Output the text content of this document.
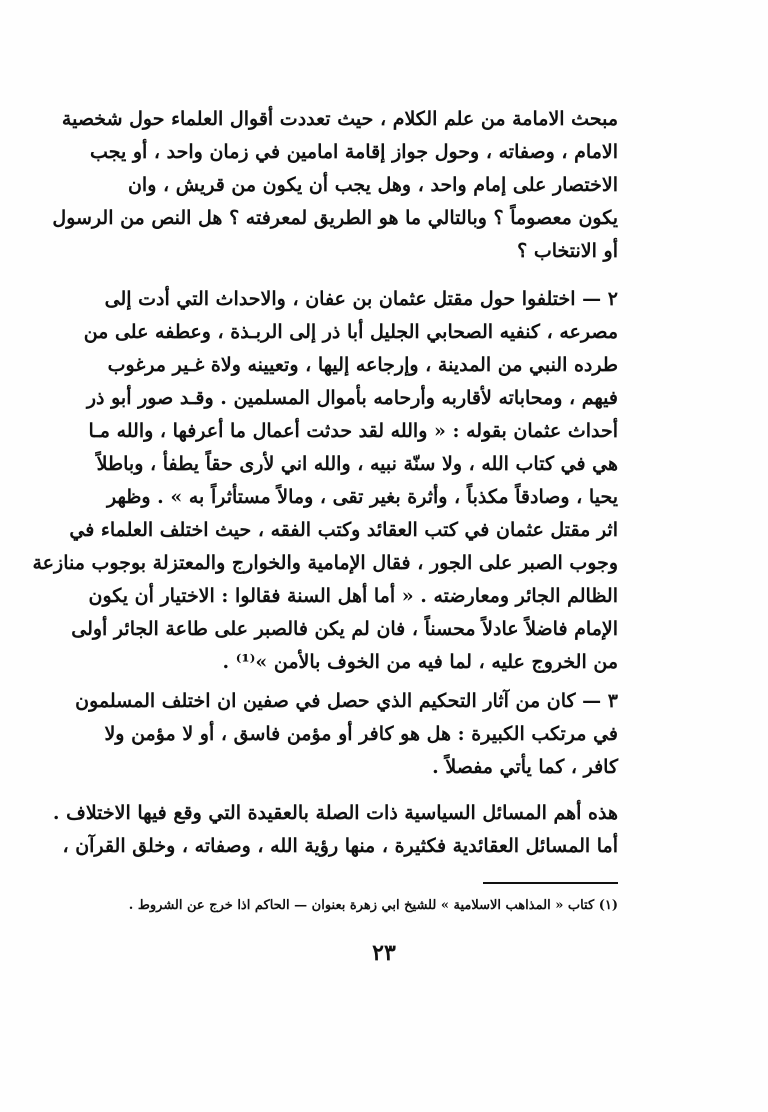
مبحث الامامة من علم الكلام ، حيث تعددت أقوال العلماء حول شخصية
الامام ، وصفاته ، وحول جواز إقامة امامين في زمان واحد ، أو يجب
الاختصار على إمام واحد ، وهل يجب أن يكون من قريش ، وان
يكون معصوماً ؟ وبالتالي ما هو الطريق لمعرفته ؟ هل النص من الرسول
أو الانتخاب ؟
٢ — اختلفوا حول مقتل عثمان بن عفان ، والاحداث التي أدت إلى
مصرعه ، كنفيه الصحابي الجليل أبا ذر إلى الربـذة ، وعطفه على من
طرده النبي من المدينة ، وإرجاعه إليها ، وتعيينه ولاة غـير مرغوب
فيهم ، ومحاباته لأقاربه وأرحامه بأموال المسلمين . وقـد صور أبو ذر
أحداث عثمان بقوله : « والله لقد حدثت أعمال ما أعرفها ، والله مـا
هي في كتاب الله ، ولا سنّة نبيه ، والله اني لأرى حقاً يطفأ ، وباطلاً
يحيا ، وصادقاً مكذباً ، وأثرة بغير تقى ، ومالاً مستأثراً به » . وظهر
اثر مقتل عثمان في كتب العقائد وكتب الفقه ، حيث اختلف العلماء في
وجوب الصبر على الجور ، فقال الإمامية والخوارج والمعتزلة بوجوب منازعة
الظالم الجائر ومعارضته . « أما أهل السنة فقالوا : الاختيار أن يكون
الإمام فاضلاً عادلاً محسناً ، فان لم يكن فالصبر على طاعة الجائر أولى
من الخروج عليه ، لما فيه من الخوف بالأمن »⁽¹⁾ .
٣ — كان من آثار التحكيم الذي حصل في صفين ان اختلف المسلمون
في مرتكب الكبيرة : هل هو كافر أو مؤمن فاسق ، أو لا مؤمن ولا
كافر ، كما يأتي مفصلاً .
هذه أهم المسائل السياسية ذات الصلة بالعقيدة التي وقع فيها الاختلاف .
أما المسائل العقائدية فكثيرة ، منها رؤية الله ، وصفاته ، وخلق القرآن ،
(١) كتاب « المذاهب الاسلامية » للشيخ ابي زهرة بعنوان — الحاكم اذا خرج عن الشروط .
٢٣
